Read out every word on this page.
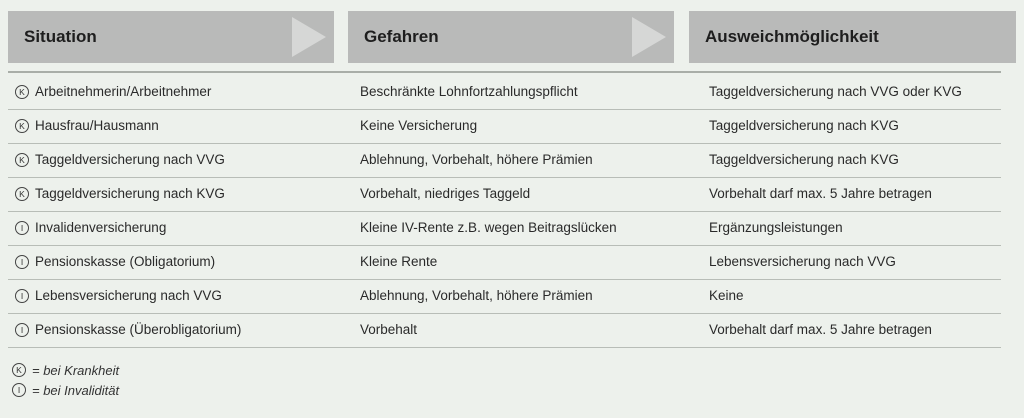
Situation	Gefahren	Ausweichmöglichkeit
K Arbeitnehmerin/Arbeitnehmer	Beschränkte Lohnfortzahlungspflicht	Taggeldversicherung nach VVG oder KVG
K Hausfrau/Hausmann	Keine Versicherung	Taggeldversicherung nach KVG
K Taggeldversicherung nach VVG	Ablehnung, Vorbehalt, höhere Prämien	Taggeldversicherung nach KVG
K Taggeldversicherung nach KVG	Vorbehalt, niedriges Taggeld	Vorbehalt darf max. 5 Jahre betragen
I Invalidenversicherung	Kleine IV-Rente z.B. wegen Beitragslücken	Ergänzungsleistungen
I Pensionskasse (Obligatorium)	Kleine Rente	Lebensversicherung nach VVG
I Lebensversicherung nach VVG	Ablehnung, Vorbehalt, höhere Prämien	Keine
I Pensionskasse (Überobligatorium)	Vorbehalt	Vorbehalt darf max. 5 Jahre betragen
K = bei Krankheit
I = bei Invalidität
